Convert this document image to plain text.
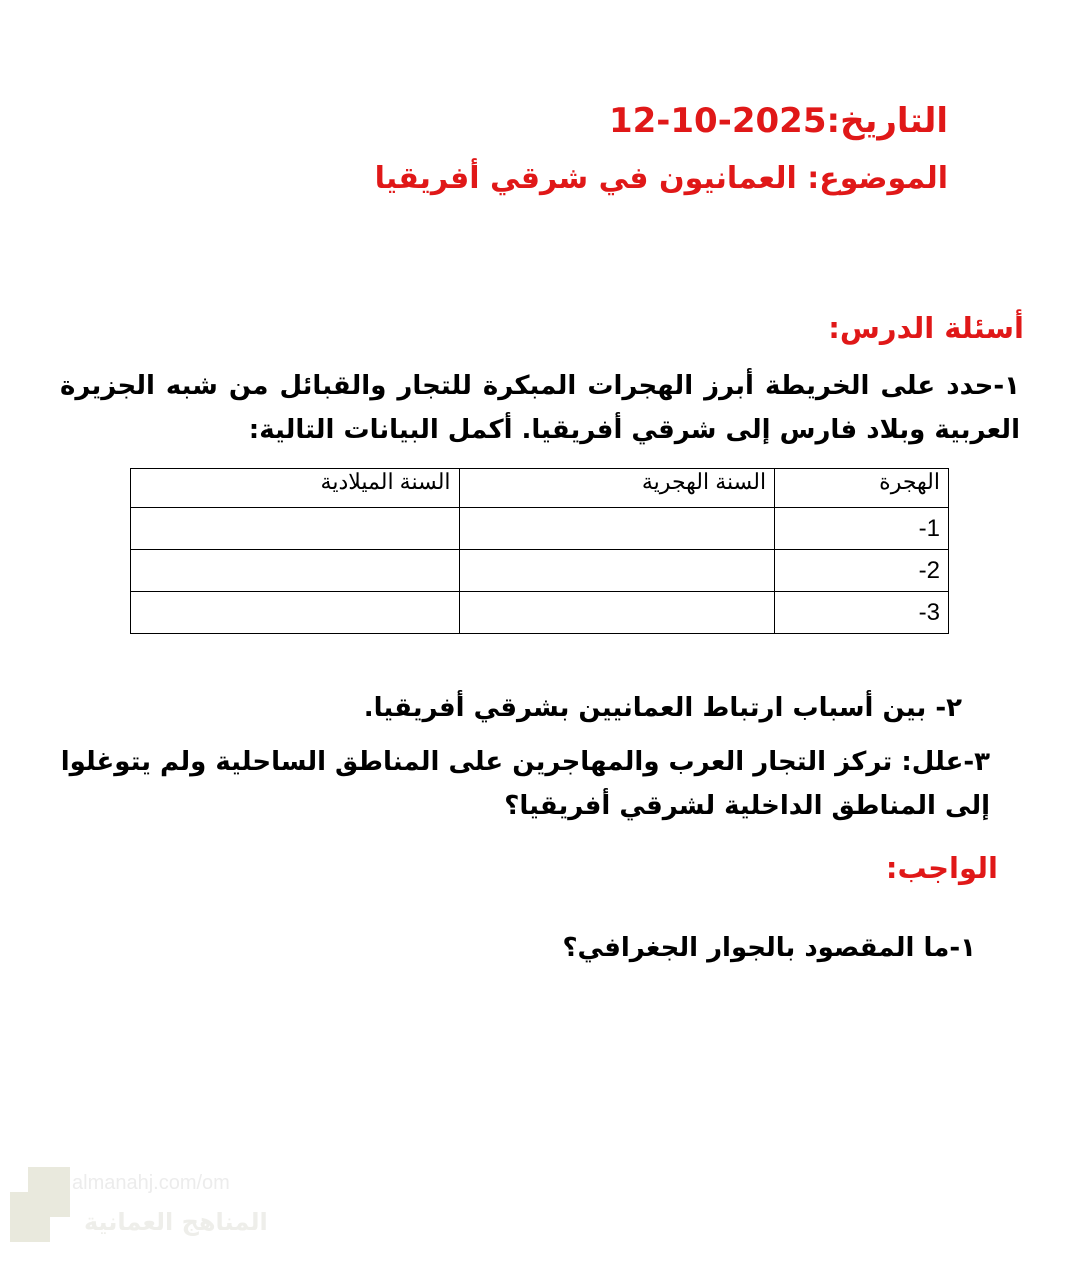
التاريخ:2025-10-12
الموضوع: العمانيون في شرقي أفريقيا
أسئلة الدرس:
١-حدد على الخريطة أبرز الهجرات المبكرة للتجار والقبائل من شبه الجزيرة العربية وبلاد فارس إلى شرقي أفريقيا. أكمل البيانات التالية:
الهجرة	السنة الهجرية	السنة الميلادية
1-		
2-		
3-		
٢- بين أسباب ارتباط العمانيين بشرقي أفريقيا.
٣-علل: تركز التجار العرب والمهاجرين على المناطق الساحلية ولم يتوغلوا إلى المناطق الداخلية لشرقي أفريقيا؟
الواجب:
١-ما المقصود بالجوار الجغرافي؟
almanahj.com/om
المناهج العمانية
